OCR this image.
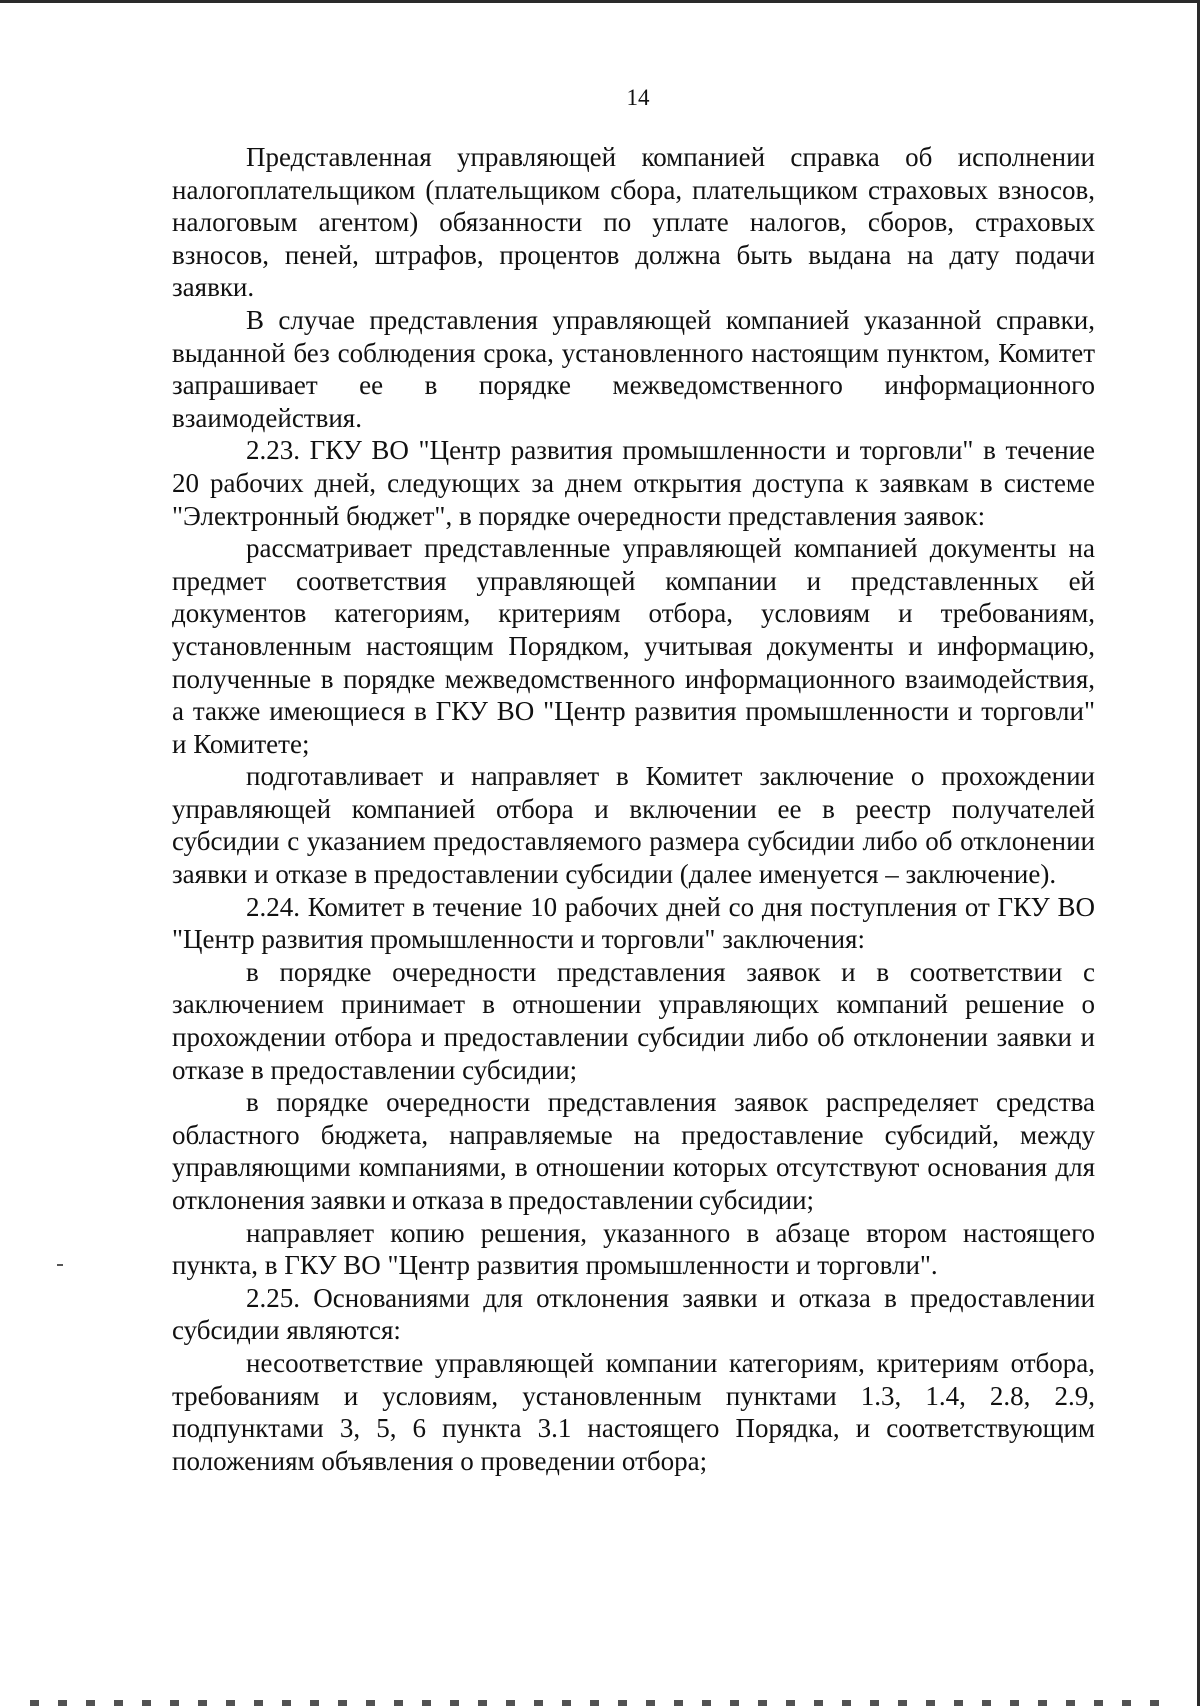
14

Представленная управляющей компанией справка об исполнении налогоплательщиком (плательщиком сбора, плательщиком страховых взносов, налоговым агентом) обязанности по уплате налогов, сборов, страховых взносов, пеней, штрафов, процентов должна быть выдана на дату подачи заявки.

В случае представления управляющей компанией указанной справки, выданной без соблюдения срока, установленного настоящим пунктом, Комитет запрашивает ее в порядке межведомственного информационного взаимодействия.

2.23. ГКУ ВО "Центр развития промышленности и торговли" в течение 20 рабочих дней, следующих за днем открытия доступа к заявкам в системе "Электронный бюджет", в порядке очередности представления заявок:

рассматривает представленные управляющей компанией документы на предмет соответствия управляющей компании и представленных ей документов категориям, критериям отбора, условиям и требованиям, установленным настоящим Порядком, учитывая документы и информацию, полученные в порядке межведомственного информационного взаимодействия, а также имеющиеся в ГКУ ВО "Центр развития промышленности и торговли" и Комитете;

подготавливает и направляет в Комитет заключение о прохождении управляющей компанией отбора и включении ее в реестр получателей субсидии с указанием предоставляемого размера субсидии либо об отклонении заявки и отказе в предоставлении субсидии (далее именуется – заключение).

2.24. Комитет в течение 10 рабочих дней со дня поступления от ГКУ ВО "Центр развития промышленности и торговли" заключения:

в порядке очередности представления заявок и в соответствии с заключением принимает в отношении управляющих компаний решение о прохождении отбора и предоставлении субсидии либо об отклонении заявки и отказе в предоставлении субсидии;

в порядке очередности представления заявок распределяет средства областного бюджета, направляемые на предоставление субсидий, между управляющими компаниями, в отношении которых отсутствуют основания для отклонения заявки и отказа в предоставлении субсидии;

направляет копию решения, указанного в абзаце втором настоящего пункта, в ГКУ ВО "Центр развития промышленности и торговли".

2.25. Основаниями для отклонения заявки и отказа в предоставлении субсидии являются:

несоответствие управляющей компании категориям, критериям отбора, требованиям и условиям, установленным пунктами 1.3, 1.4, 2.8, 2.9, подпунктами 3, 5, 6 пункта 3.1 настоящего Порядка, и соответствующим положениям объявления о проведении отбора;
